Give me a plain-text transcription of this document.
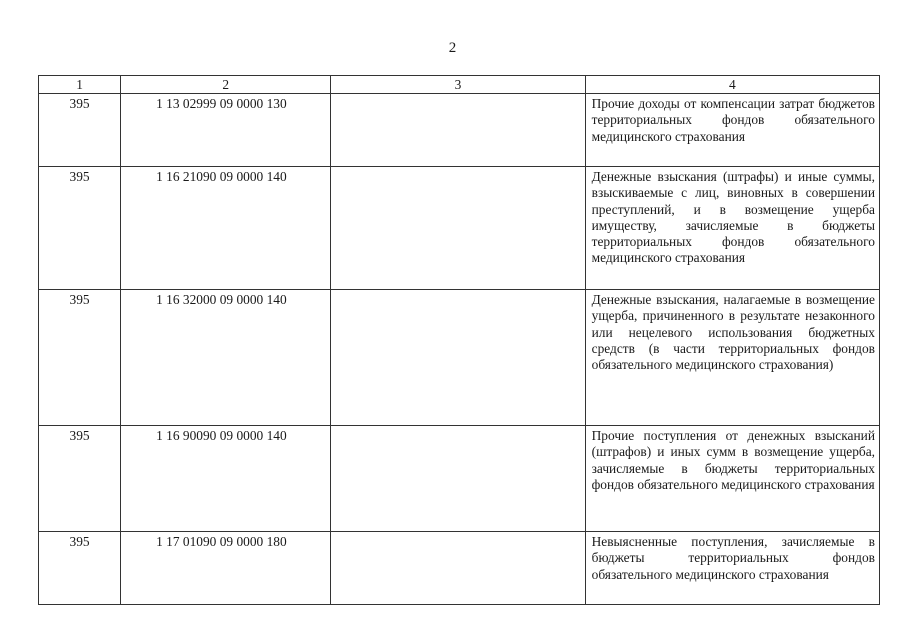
2
1	2	3	4
395	1 13 02999 09 0000 130		Прочие доходы от компенсации затрат бюджетов территориальных фондов обязательного медицинского страхования

395	1 16 21090 09 0000 140		Денежные взыскания (штрафы) и иные суммы, взыскиваемые с лиц, виновных в совершении преступлений, и в возмещение ущерба имуществу, зачисляемые в бюджеты территориальных фондов обязательного медицинского страхования

395	1 16 32000 09 0000 140		Денежные взыскания, налагаемые в возмещение ущерба, причиненного в результате незаконного или нецелевого использования бюджетных средств (в части территориальных фондов обязательного медицинского страхования)

395	1 16 90090 09 0000 140		Прочие поступления от денежных взысканий (штрафов) и иных сумм в возмещение ущерба, зачисляемые в бюджеты территориальных фондов обязательного медицинского страхования

395	1 17 01090 09 0000 180		Невыясненные поступления, зачисляемые в бюджеты территориальных фондов обязательного медицинского страхования
